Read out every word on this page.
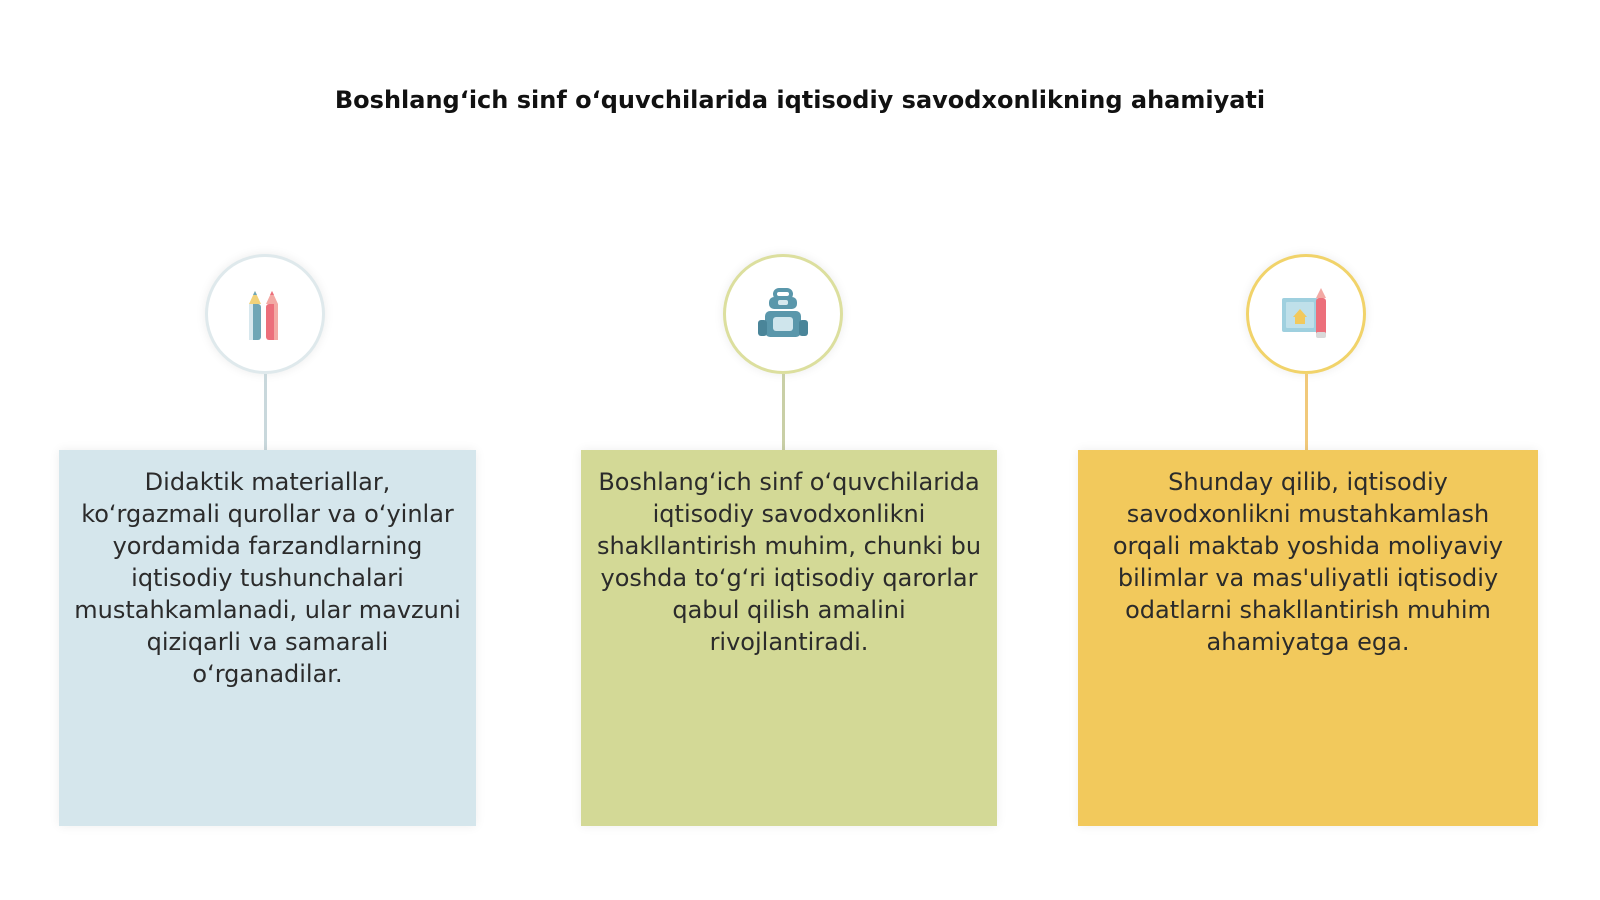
Boshlang‘ich sinf o‘quvchilarida iqtisodiy savodxonlikning ahamiyati
Didaktik materiallar, ko‘rgazmali qurollar va o‘yinlar yordamida farzandlarning iqtisodiy tushunchalari mustahkamlanadi, ular mavzuni qiziqarli va samarali o‘rganadilar.
Boshlang‘ich sinf o‘quvchilarida iqtisodiy savodxonlikni shakllantirish muhim, chunki bu yoshda to‘g‘ri iqtisodiy qarorlar qabul qilish amalini rivojlantiradi.
Shunday qilib, iqtisodiy savodxonlikni mustahkamlash orqali maktab yoshida moliyaviy bilimlar va mas'uliyatli iqtisodiy odatlarni shakllantirish muhim ahamiyatga ega.
